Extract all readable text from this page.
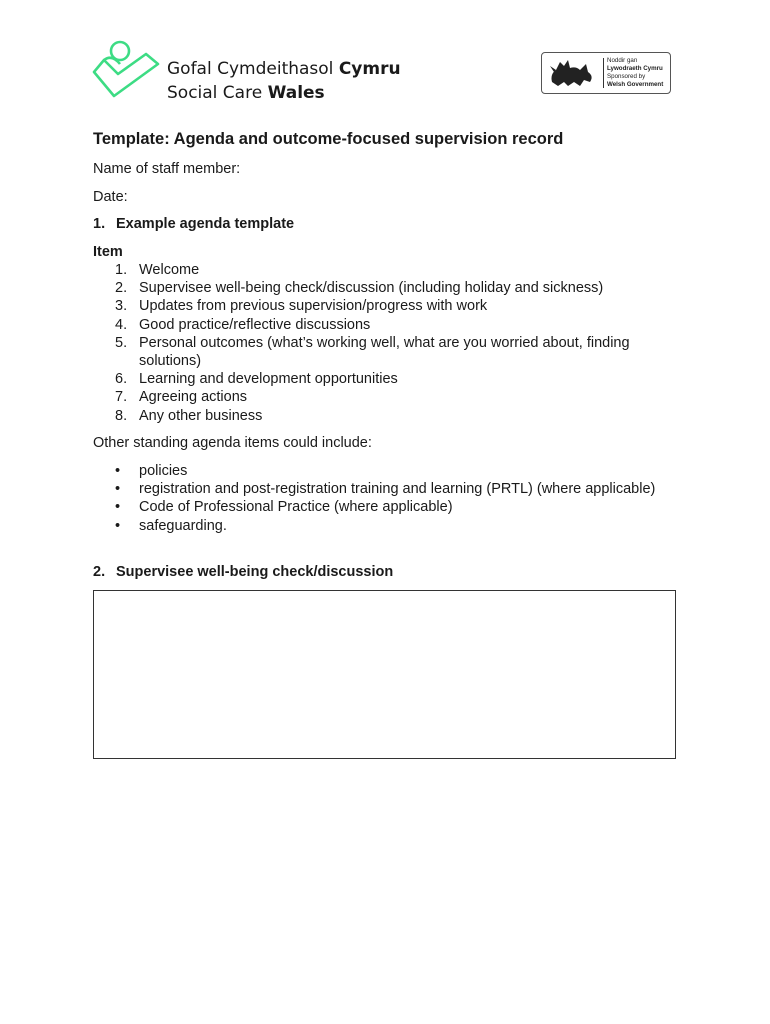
Gofal Cymdeithasol Cymru
Social Care Wales
Noddir gan
Lywodraeth Cymru
Sponsored by
Welsh Government
Template: Agenda and outcome-focused supervision record

Name of staff member:

Date:

1. Example agenda template

Item

1. Welcome
2. Supervisee well-being check/discussion (including holiday and sickness)
3. Updates from previous supervision/progress with work
4. Good practice/reflective discussions
5. Personal outcomes (what’s working well, what are you worried about, finding solutions)
6. Learning and development opportunities
7. Agreeing actions
8. Any other business

Other standing agenda items could include:

• policies
• registration and post-registration training and learning (PRTL) (where applicable)
• Code of Professional Practice (where applicable)
• safeguarding.
2. Supervisee well-being check/discussion
